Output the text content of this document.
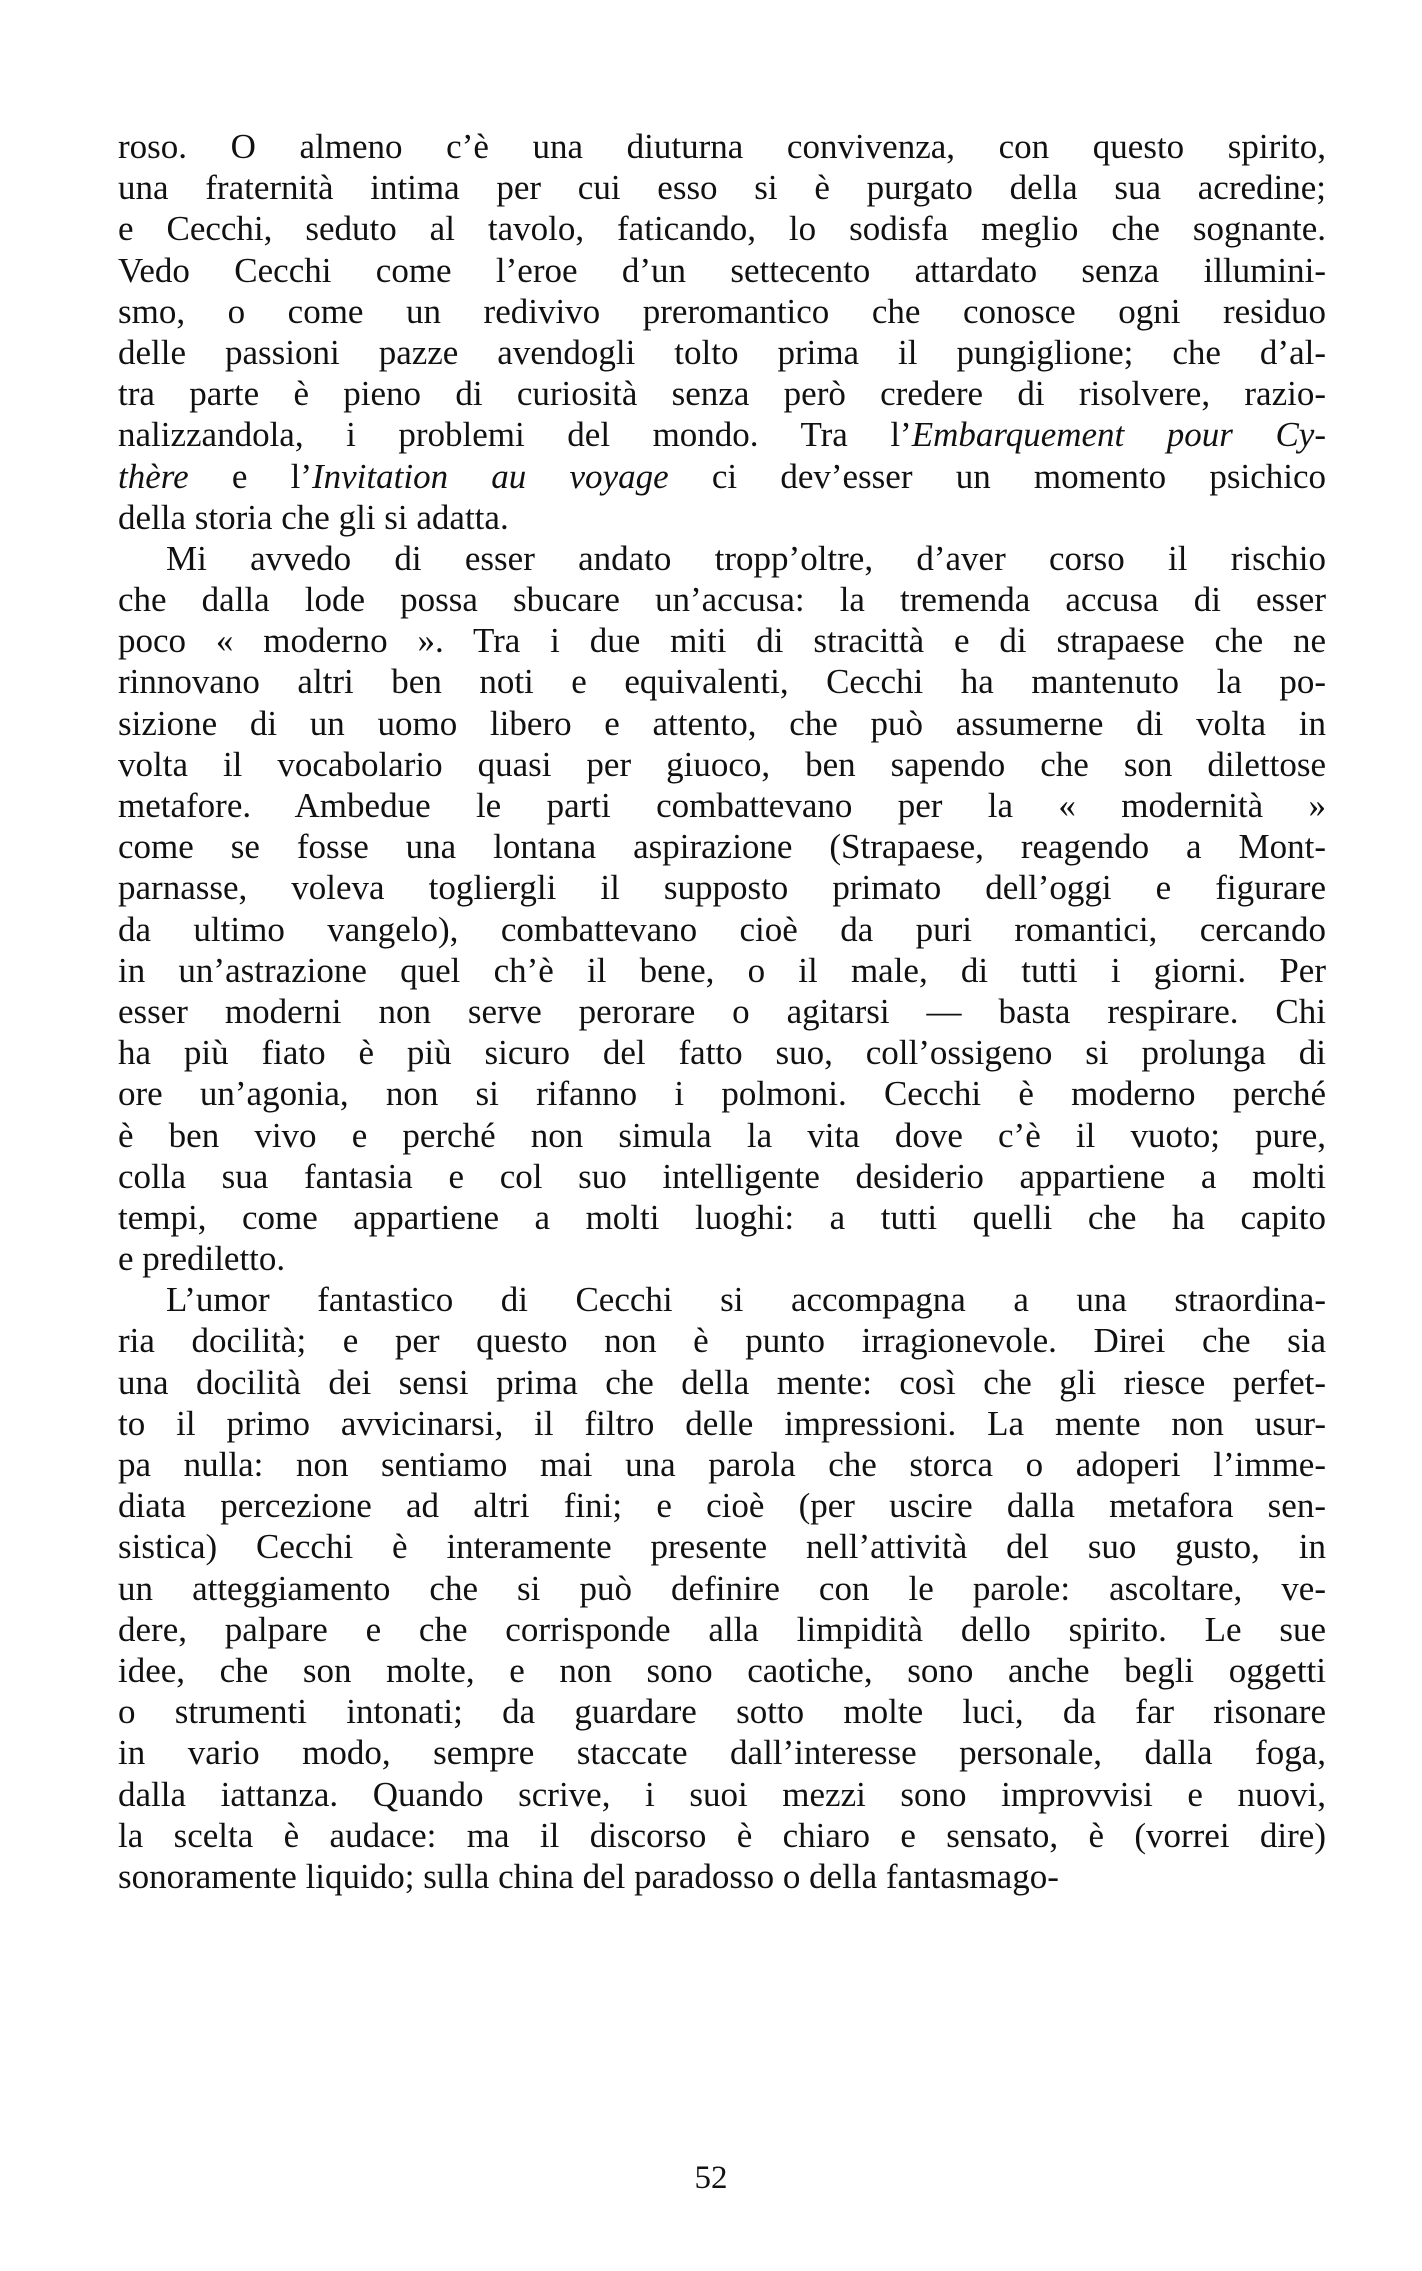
roso. O almeno c’è una diuturna convivenza, con questo spirito,
una fraternità intima per cui esso si è purgato della sua acredine;
e Cecchi, seduto al tavolo, faticando, lo sodisfa meglio che sognante.
Vedo Cecchi come l’eroe d’un settecento attardato senza illumini-
smo, o come un redivivo preromantico che conosce ogni residuo
delle passioni pazze avendogli tolto prima il pungiglione; che d’al-
tra parte è pieno di curiosità senza però credere di risolvere, razio-
nalizzandola, i problemi del mondo. Tra l’Embarquement pour Cy-
thère e l’Invitation au voyage ci dev’esser un momento psichico
della storia che gli si adatta.
Mi avvedo di esser andato tropp’oltre, d’aver corso il rischio
che dalla lode possa sbucare un’accusa: la tremenda accusa di esser
poco « moderno ». Tra i due miti di stracittà e di strapaese che ne
rinnovano altri ben noti e equivalenti, Cecchi ha mantenuto la po-
sizione di un uomo libero e attento, che può assumerne di volta in
volta il vocabolario quasi per giuoco, ben sapendo che son dilettose
metafore. Ambedue le parti combattevano per la « modernità »
come se fosse una lontana aspirazione (Strapaese, reagendo a Mont-
parnasse, voleva togliergli il supposto primato dell’oggi e figurare
da ultimo vangelo), combattevano cioè da puri romantici, cercando
in un’astrazione quel ch’è il bene, o il male, di tutti i giorni. Per
esser moderni non serve perorare o agitarsi — basta respirare. Chi
ha più fiato è più sicuro del fatto suo, coll’ossigeno si prolunga di
ore un’agonia, non si rifanno i polmoni. Cecchi è moderno perché
è ben vivo e perché non simula la vita dove c’è il vuoto; pure,
colla sua fantasia e col suo intelligente desiderio appartiene a molti
tempi, come appartiene a molti luoghi: a tutti quelli che ha capito
e prediletto.
L’umor fantastico di Cecchi si accompagna a una straordina-
ria docilità; e per questo non è punto irragionevole. Direi che sia
una docilità dei sensi prima che della mente: così che gli riesce perfet-
to il primo avvicinarsi, il filtro delle impressioni. La mente non usur-
pa nulla: non sentiamo mai una parola che storca o adoperi l’imme-
diata percezione ad altri fini; e cioè (per uscire dalla metafora sen-
sistica) Cecchi è interamente presente nell’attività del suo gusto, in
un atteggiamento che si può definire con le parole: ascoltare, ve-
dere, palpare e che corrisponde alla limpidità dello spirito. Le sue
idee, che son molte, e non sono caotiche, sono anche begli oggetti
o strumenti intonati; da guardare sotto molte luci, da far risonare
in vario modo, sempre staccate dall’interesse personale, dalla foga,
dalla iattanza. Quando scrive, i suoi mezzi sono improvvisi e nuovi,
la scelta è audace: ma il discorso è chiaro e sensato, è (vorrei dire)
sonoramente liquido; sulla china del paradosso o della fantasmago-
52
